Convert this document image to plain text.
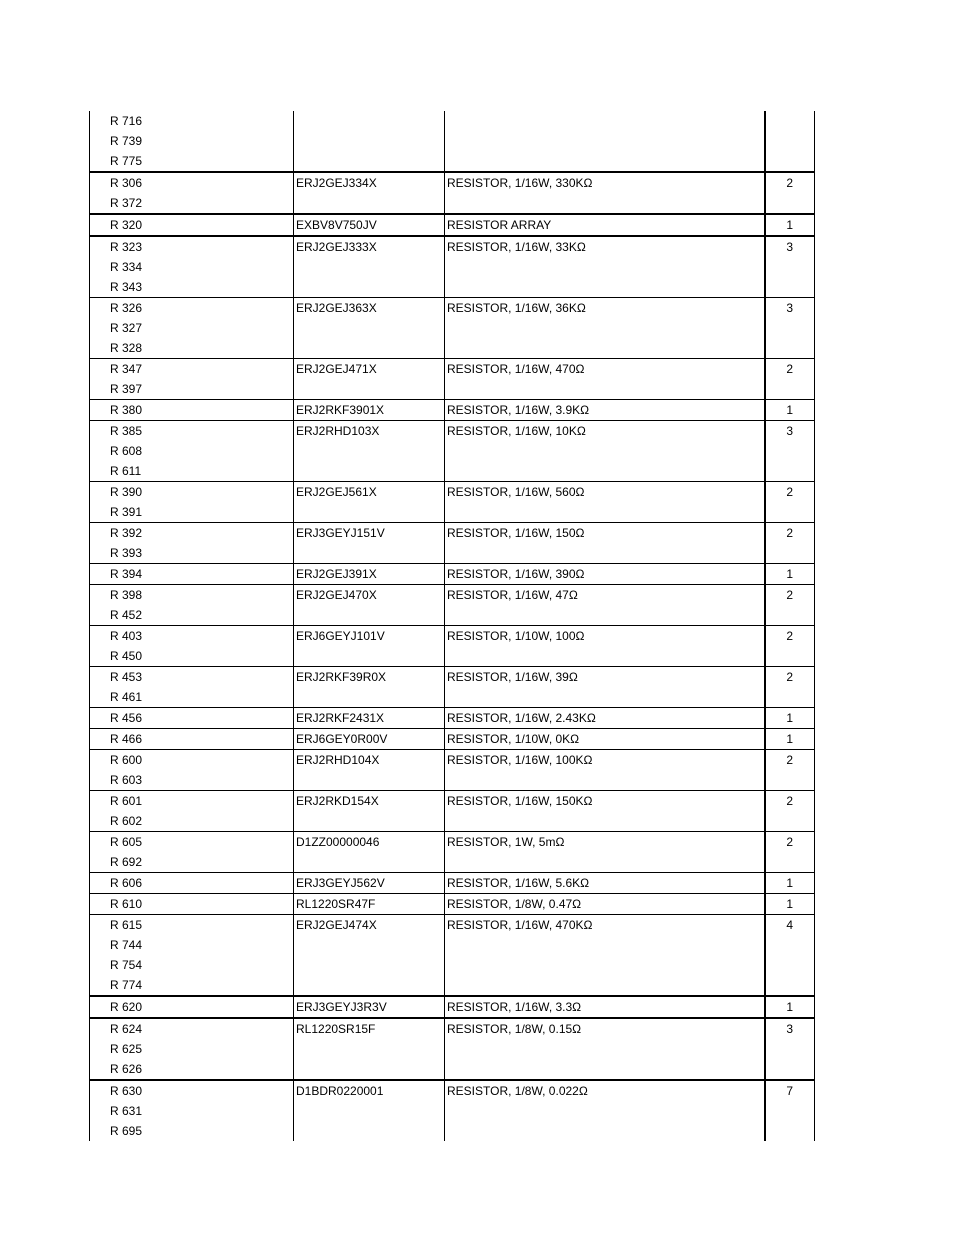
R 716
R 739
R 775			

R 306
R 372	ERJ2GEJ334X	RESISTOR, 1/16W, 330KΩ	2

R 320	EXBV8V750JV	RESISTOR ARRAY	1

R 323
R 334
R 343	ERJ2GEJ333X	RESISTOR, 1/16W, 33KΩ	3

R 326
R 327
R 328	ERJ2GEJ363X	RESISTOR, 1/16W, 36KΩ	3

R 347
R 397	ERJ2GEJ471X	RESISTOR, 1/16W, 470Ω	2

R 380	ERJ2RKF3901X	RESISTOR, 1/16W, 3.9KΩ	1

R 385
R 608
R 611	ERJ2RHD103X	RESISTOR, 1/16W, 10KΩ	3

R 390
R 391	ERJ2GEJ561X	RESISTOR, 1/16W, 560Ω	2

R 392
R 393	ERJ3GEYJ151V	RESISTOR, 1/16W, 150Ω	2

R 394	ERJ2GEJ391X	RESISTOR, 1/16W, 390Ω	1

R 398
R 452	ERJ2GEJ470X	RESISTOR, 1/16W, 47Ω	2

R 403
R 450	ERJ6GEYJ101V	RESISTOR, 1/10W, 100Ω	2

R 453
R 461	ERJ2RKF39R0X	RESISTOR, 1/16W, 39Ω	2

R 456	ERJ2RKF2431X	RESISTOR, 1/16W, 2.43KΩ	1

R 466	ERJ6GEY0R00V	RESISTOR, 1/10W, 0KΩ	1

R 600
R 603	ERJ2RHD104X	RESISTOR, 1/16W, 100KΩ	2

R 601
R 602	ERJ2RKD154X	RESISTOR, 1/16W, 150KΩ	2

R 605
R 692	D1ZZ00000046	RESISTOR, 1W, 5mΩ	2

R 606	ERJ3GEYJ562V	RESISTOR, 1/16W, 5.6KΩ	1

R 610	RL1220SR47F	RESISTOR, 1/8W, 0.47Ω	1

R 615
R 744
R 754
R 774	ERJ2GEJ474X	RESISTOR, 1/16W, 470KΩ	4

R 620	ERJ3GEYJ3R3V	RESISTOR, 1/16W, 3.3Ω	1

R 624
R 625
R 626	RL1220SR15F	RESISTOR, 1/8W, 0.15Ω	3

R 630
R 631
R 695	D1BDR0220001	RESISTOR, 1/8W, 0.022Ω	7
